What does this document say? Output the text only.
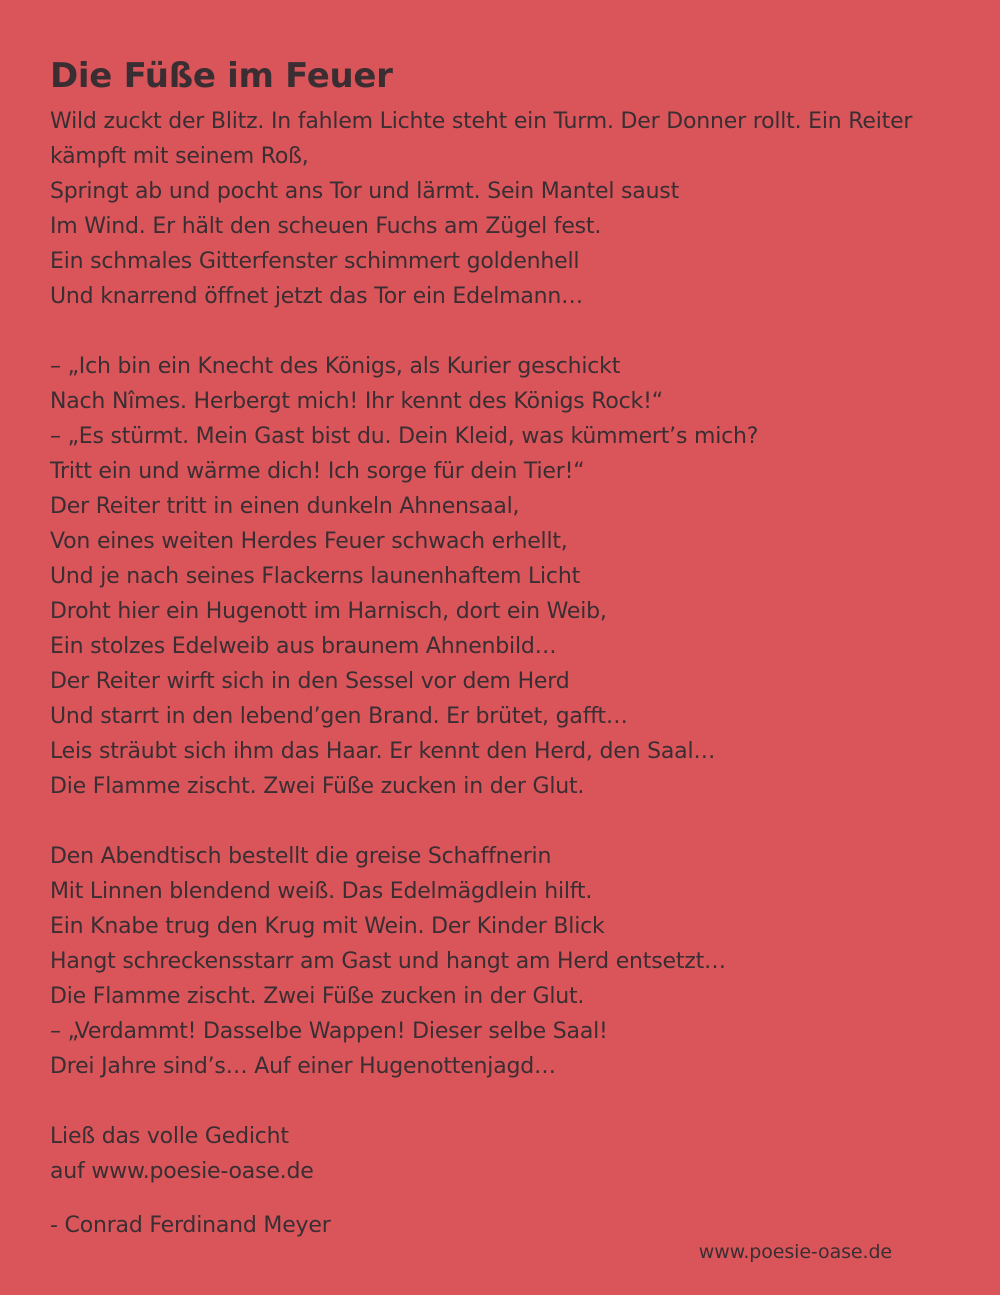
Die Füße im Feuer
Wild zuckt der Blitz. In fahlem Lichte steht ein Turm. Der Donner rollt. Ein Reiter
kämpft mit seinem Roß,
Springt ab und pocht ans Tor und lärmt. Sein Mantel saust
Im Wind. Er hält den scheuen Fuchs am Zügel fest.
Ein schmales Gitterfenster schimmert goldenhell
Und knarrend öffnet jetzt das Tor ein Edelmann…
– „Ich bin ein Knecht des Königs, als Kurier geschickt
Nach Nîmes. Herbergt mich! Ihr kennt des Königs Rock!“
– „Es stürmt. Mein Gast bist du. Dein Kleid, was kümmert’s mich?
Tritt ein und wärme dich! Ich sorge für dein Tier!“
Der Reiter tritt in einen dunkeln Ahnensaal,
Von eines weiten Herdes Feuer schwach erhellt,
Und je nach seines Flackerns launenhaftem Licht
Droht hier ein Hugenott im Harnisch, dort ein Weib,
Ein stolzes Edelweib aus braunem Ahnenbild…
Der Reiter wirft sich in den Sessel vor dem Herd
Und starrt in den lebend’gen Brand. Er brütet, gafft…
Leis sträubt sich ihm das Haar. Er kennt den Herd, den Saal…
Die Flamme zischt. Zwei Füße zucken in der Glut.
Den Abendtisch bestellt die greise Schaffnerin
Mit Linnen blendend weiß. Das Edelmägdlein hilft.
Ein Knabe trug den Krug mit Wein. Der Kinder Blick
Hangt schreckensstarr am Gast und hangt am Herd entsetzt…
Die Flamme zischt. Zwei Füße zucken in der Glut.
– „Verdammt! Dasselbe Wappen! Dieser selbe Saal!
Drei Jahre sind’s… Auf einer Hugenottenjagd…
Ließ das volle Gedicht
auf www.poesie-oase.de
- Conrad Ferdinand Meyer
www.poesie-oase.de
